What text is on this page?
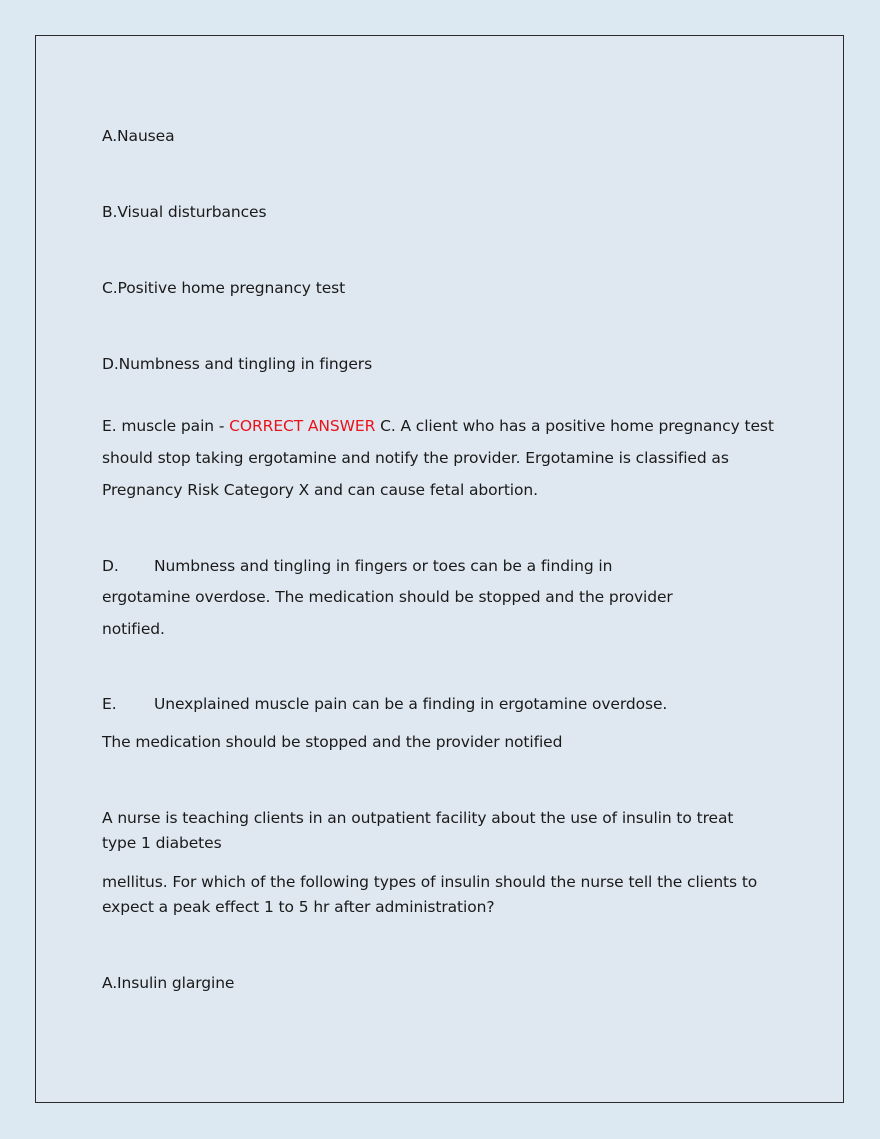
A.Nausea
B.Visual disturbances
C.Positive home pregnancy test
D.Numbness and tingling in fingers
E. muscle pain - CORRECT ANSWER C. A client who has a positive home pregnancy test
should stop taking ergotamine and notify the provider. Ergotamine is classified as
Pregnancy Risk Category X and can cause fetal abortion.
D. Numbness and tingling in fingers or toes can be a finding in
ergotamine overdose. The medication should be stopped and the provider
notified.
E. Unexplained muscle pain can be a finding in ergotamine overdose.
The medication should be stopped and the provider notified
A nurse is teaching clients in an outpatient facility about the use of insulin to treat type 1 diabetes
mellitus. For which of the following types of insulin should the nurse tell the clients to expect a peak effect 1 to 5 hr after administration?
A.Insulin glargine
